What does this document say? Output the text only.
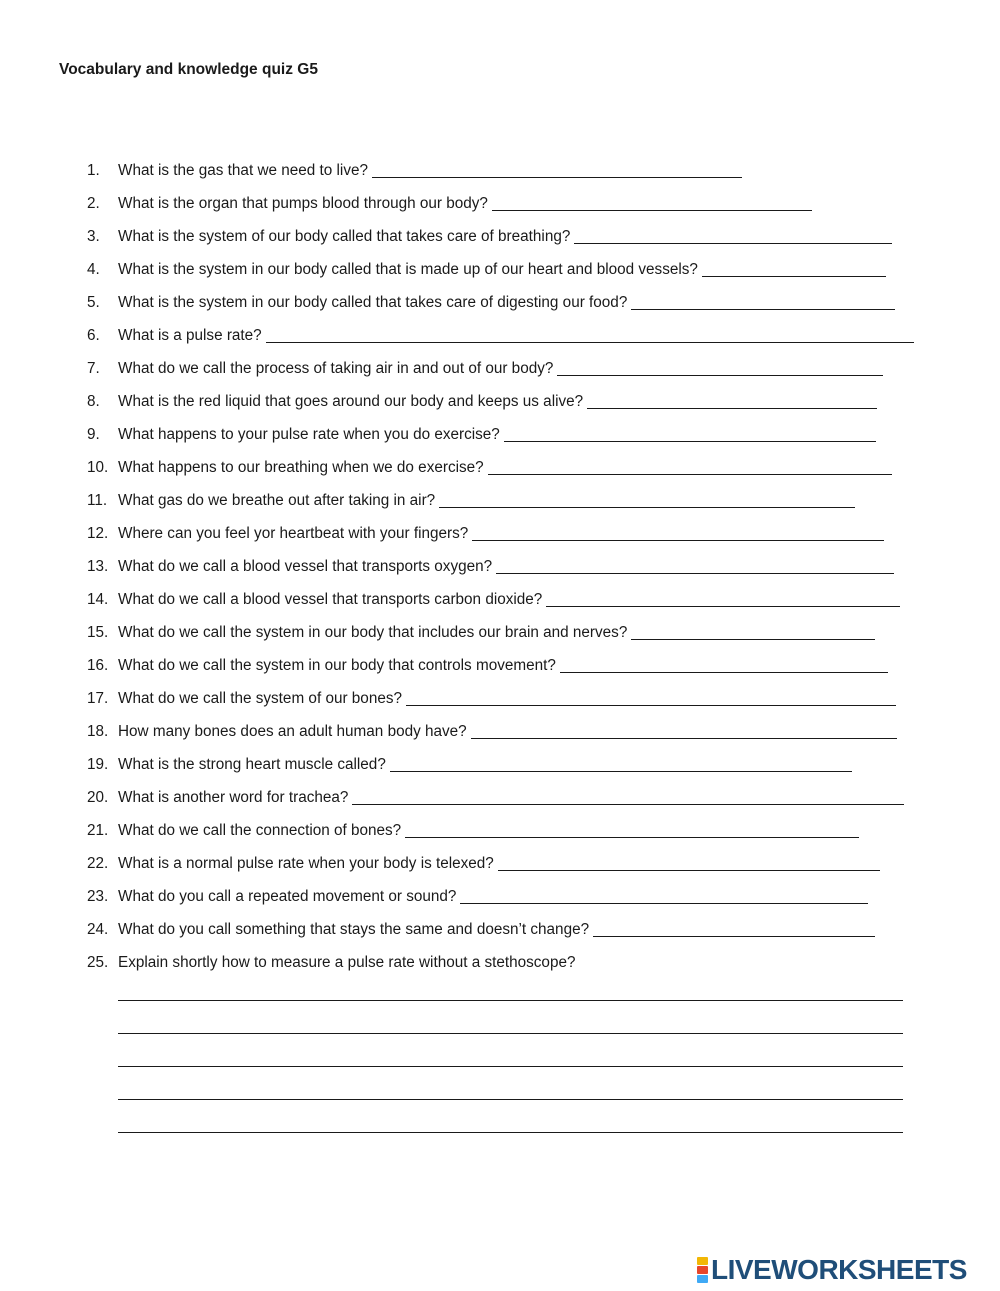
Vocabulary and knowledge quiz G5
1.	What is the gas that we need to live?
2.	What is the organ that pumps blood through our body?
3.	What is the system of our body called that takes care of breathing?
4.	What is the system in our body called that is made up of our heart and blood vessels?
5.	What is the system in our body called that takes care of digesting our food?
6.	What is a pulse rate?
7.	What do we call the process of taking air in and out of our body?
8.	What is the red liquid that goes around our body and keeps us alive?
9.	What happens to your pulse rate when you do exercise?
10. What happens to our breathing when we do exercise?
11. What gas do we breathe out after taking in air?
12. Where can you feel yor heartbeat with your fingers?
13. What do we call a blood vessel that transports oxygen?
14. What do we call a blood vessel that transports carbon dioxide?
15. What do we call the system in our body that includes our brain and nerves?
16. What do we call the system in our body that controls movement?
17. What do we call the system of our bones?
18. How many bones does an adult human body have?
19. What is the strong heart muscle called?
20. What is another word for trachea?
21. What do we call the connection of bones?
22. What is a normal pulse rate when your body is telexed?
23. What do you call a repeated movement or sound?
24. What do you call something that stays the same and doesn’t change?
25. Explain shortly how to measure a pulse rate without a stethoscope?
LIVEWORKSHEETS
